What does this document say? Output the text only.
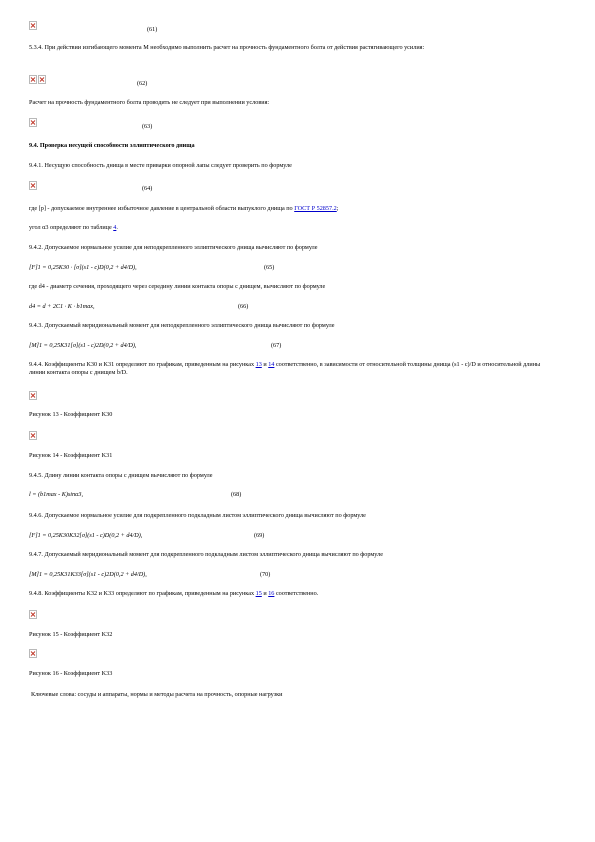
(61)
5.3.4. При действии изгибающего момента M необходимо выполнить расчет на прочность фундаментного болта от действия растягивающего усилия:
(62)
Расчет на прочность фундаментного болта проводить не следует при выполнении условия:
(63)
9.4. Проверка несущей способности эллиптического днища
9.4.1. Несущую способность днища в месте приварки опорной лапы следует проверить по формуле
(64)
где [p] - допускаемое внутреннее избыточное давление в центральной области выпуклого днища по ГОСТ Р 52857.2;
угол α3 определяют по таблице 4.
9.4.2. Допускаемое нормальное усилие для неподкрепленного эллиптического днища вычисляют по формуле
[F]1 = 0,25K30 · [σ](s1 - c)D(0,2 + d4/D),	(65)
где d4 - диаметр сечения, проходящего через середину линии контакта опоры с днищем, вычисляют по формуле
d4 = d + 2C1 · K · b1max,	(66)
9.4.3. Допускаемый меридиональный момент для неподкрепленного эллиптического днища вычисляют по формуле
[M]1 = 0,25K31[σ](s1 - c)2D(0,2 + d4/D),	(67)
9.4.4. Коэффициенты K30 и K31 определяют по графикам, приведенным на рисунках 13 и 14 соответственно, в зависимости от относительной толщины днища (s1 - c)/D и относительной длины линии контакта опоры с днищем b/D.
Рисунок 13 - Коэффициент K30
Рисунок 14 - Коэффициент K31
9.4.5. Длину линии контакта опоры с днищем вычисляют по формуле
l = (b1max - K)sinα3,	(68)
9.4.6. Допускаемое нормальное усилие для подкрепленного подкладным листом эллиптического днища вычисляют по формуле
[F]1 = 0,25K30K32[σ](s1 - c)D(0,2 + d4/D),	(69)
9.4.7. Допускаемый меридиональный момент для подкрепленного подкладным листом эллиптического днища вычисляют по формуле
[M]1 = 0,25K31K33[σ](s1 - c)2D(0,2 + d4/D),	(70)
9.4.8. Коэффициенты K32 и K33 определяют по графикам, приведенным на рисунках 15 и 16 соответственно.
Рисунок 15 - Коэффициент K32
Рисунок 16 - Коэффициент K33
Ключевые слова: сосуды и аппараты, нормы и методы расчета на прочность, опорные нагрузки
